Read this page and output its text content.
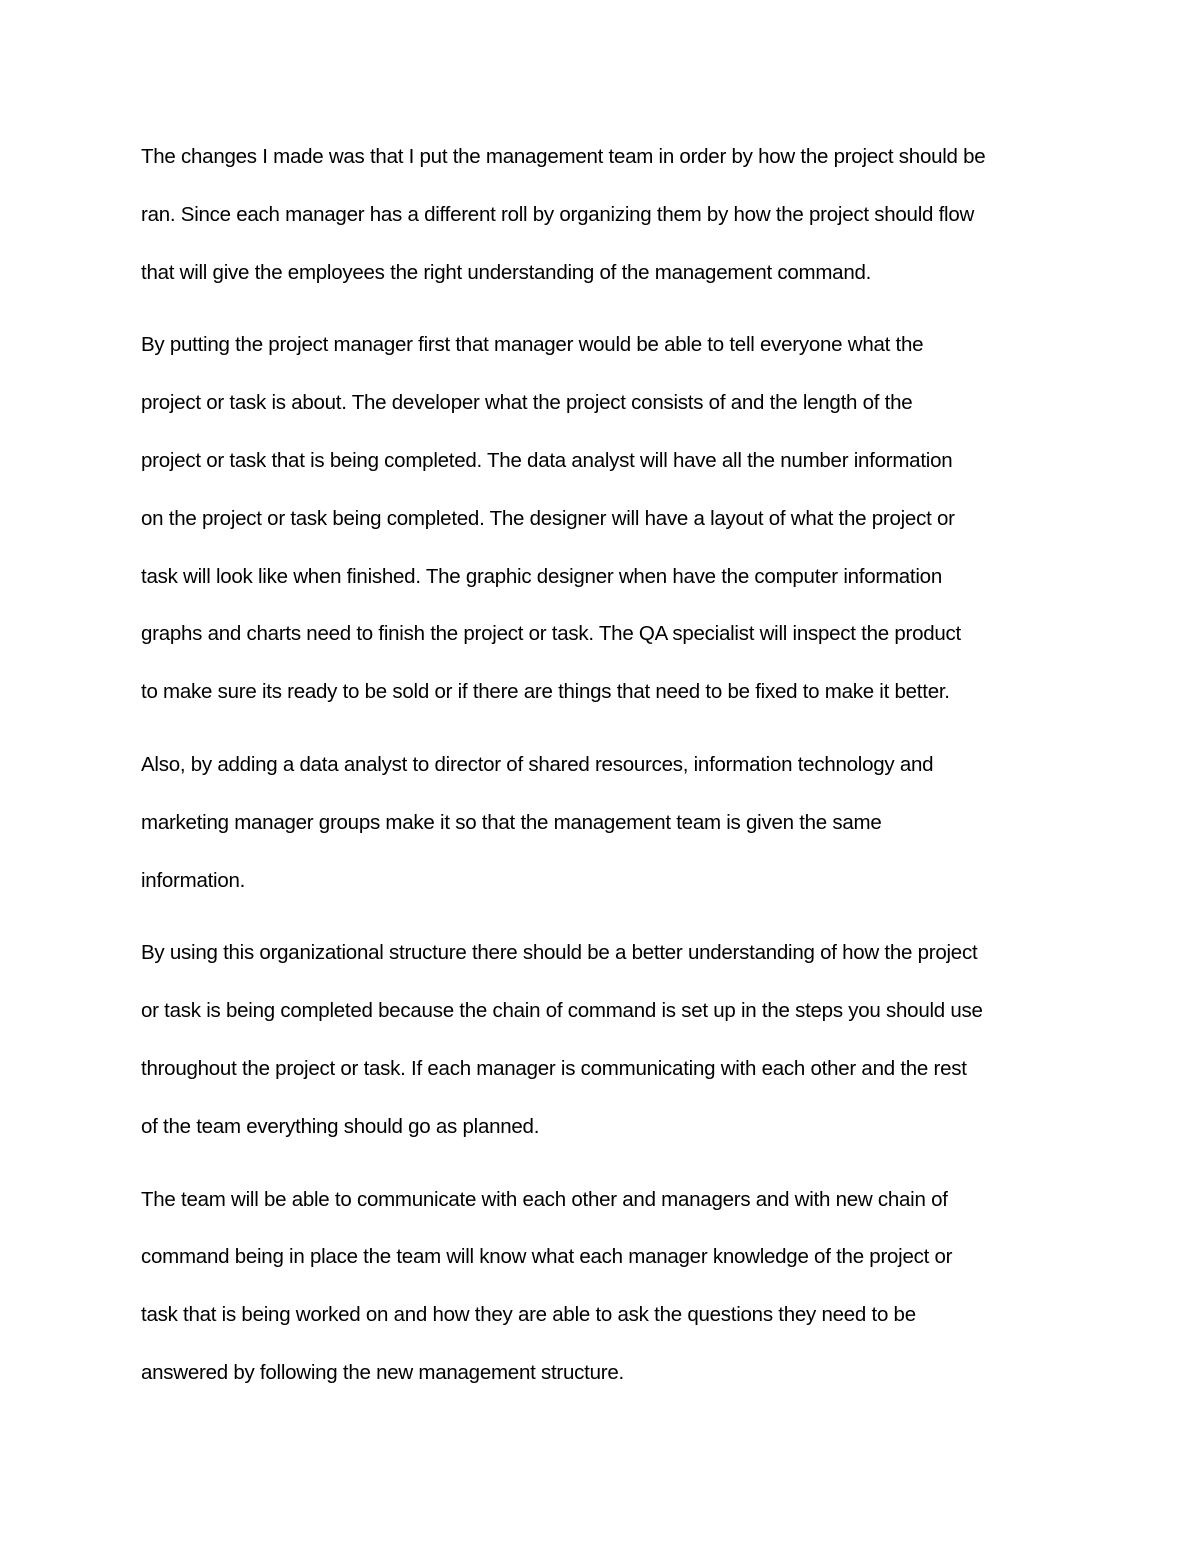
The changes I made was that I put the management team in order by how the project should be
ran. Since each manager has a different roll by organizing them by how the project should flow
that will give the employees the right understanding of the management command.

By putting the project manager first that manager would be able to tell everyone what the
project or task is about. The developer what the project consists of and the length of the
project or task that is being completed. The data analyst will have all the number information
on the project or task being completed. The designer will have a layout of what the project or
task will look like when finished. The graphic designer when have the computer information
graphs and charts need to finish the project or task. The QA specialist will inspect the product
to make sure its ready to be sold or if there are things that need to be fixed to make it better.

Also, by adding a data analyst to director of shared resources, information technology and
marketing manager groups make it so that the management team is given the same
information.

By using this organizational structure there should be a better understanding of how the project
or task is being completed because the chain of command is set up in the steps you should use
throughout the project or task. If each manager is communicating with each other and the rest
of the team everything should go as planned.

The team will be able to communicate with each other and managers and with new chain of
command being in place the team will know what each manager knowledge of the project or
task that is being worked on and how they are able to ask the questions they need to be
answered by following the new management structure.
